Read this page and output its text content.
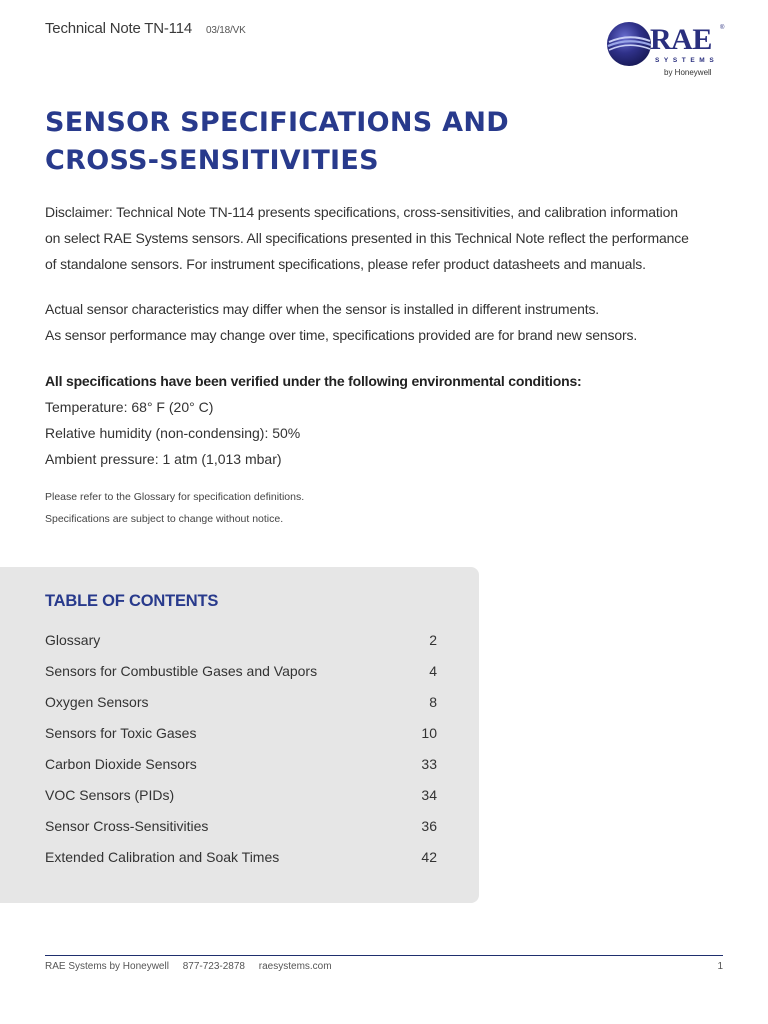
Technical Note TN-114 03/18/VK	RAE ®
SYSTEMS
by Honeywell
SENSOR SPECIFICATIONS AND
CROSS-SENSITIVITIES
Disclaimer: Technical Note TN-114 presents specifications, cross-sensitivities, and calibration information
on select RAE Systems sensors. All specifications presented in this Technical Note reflect the performance
of standalone sensors. For instrument specifications, please refer product datasheets and manuals.
Actual sensor characteristics may differ when the sensor is installed in different instruments.
As sensor performance may change over time, specifications provided are for brand new sensors.
All specifications have been verified under the following environmental conditions:
Temperature: 68° F (20° C)
Relative humidity (non-condensing): 50%
Ambient pressure: 1 atm (1,013 mbar)
Please refer to the Glossary for specification definitions.
Specifications are subject to change without notice.
TABLE OF CONTENTS
Glossary	2
Sensors for Combustible Gases and Vapors	4
Oxygen Sensors	8
Sensors for Toxic Gases	10
Carbon Dioxide Sensors	33
VOC Sensors (PIDs)	34
Sensor Cross-Sensitivities	36
Extended Calibration and Soak Times	42
RAE Systems by Honeywell 877-723-2878 raesystems.com	1
